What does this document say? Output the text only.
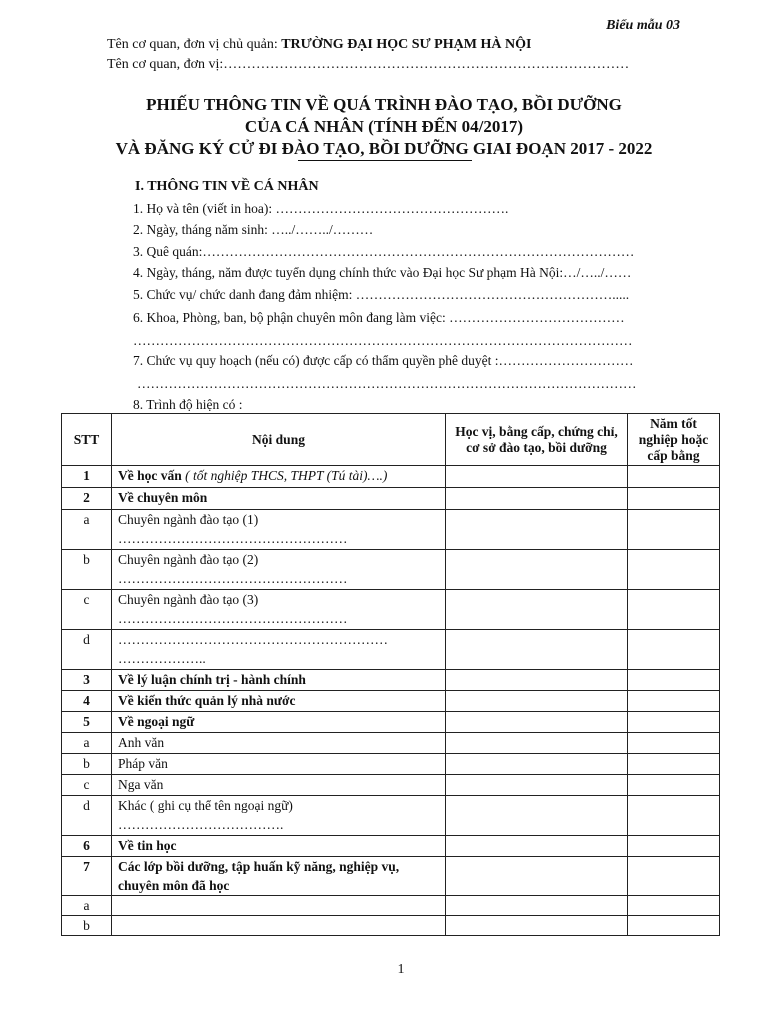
Biểu mẫu 03
Tên cơ quan, đơn vị chủ quản: TRƯỜNG ĐẠI HỌC SƯ PHẠM HÀ NỘI
Tên cơ quan, đơn vị:……………………………………………………………………………
PHIẾU THÔNG TIN VỀ QUÁ TRÌNH ĐÀO TẠO, BỒI DƯỠNG
CỦA CÁ NHÂN (TÍNH ĐẾN 04/2017)
VÀ ĐĂNG KÝ CỬ ĐI ĐÀO TẠO, BỒI DƯỠNG GIAI ĐOẠN 2017 - 2022
I. THÔNG TIN VỀ CÁ NHÂN
1. Họ và tên (viết in hoa): …………………………………………….
2. Ngày, tháng năm sinh: …../……../………
3. Quê quán:……………………………………………………………………………………
4. Ngày, tháng, năm được tuyển dụng chính thức vào Đại học Sư phạm Hà Nội:…/…../……
5. Chức vụ/ chức danh đang đảm nhiệm: ………………………………………………….....
6. Khoa, Phòng, ban, bộ phận chuyên môn đang làm việc: …………………………………
…………………………………………………………………………………………………
7. Chức vụ quy hoạch (nếu có) được cấp có thẩm quyền phê duyệt :…………………………
…………………………………………………………………………………………………
8. Trình độ hiện có :
STT	Nội dung	Học vị, bằng cấp, chứng chỉ, cơ sở đào tạo, bồi dưỡng	Năm tốt nghiệp hoặc cấp bằng
1	Về học vấn ( tốt nghiệp THCS, THPT (Tú tài)….)		
2	Về chuyên môn		
a	Chuyên ngành đào tạo (1)
……………………………………………		

b	Chuyên ngành đào tạo (2)
……………………………………………		

c	Chuyên ngành đào tạo (3)
……………………………………………		

d	……………………………………………………
………………..		

3	Về lý luận chính trị - hành chính		
4	Về kiến thức quản lý nhà nước		
5	Về ngoại ngữ		
a	Anh văn		
b	Pháp văn		
c	Nga văn		
d	Khác ( ghi cụ thể tên ngoại ngữ)
……………………………….		

6	Về tin học		
7	Các lớp bồi dưỡng, tập huấn kỹ năng, nghiệp vụ, chuyên môn đã học		
a			
b			
1
